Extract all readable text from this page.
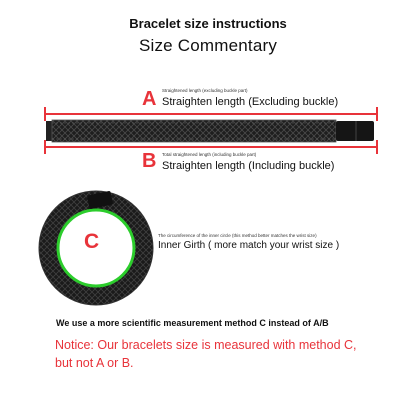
Bracelet size instructions
Size Commentary
A Straightened length (excluding buckle part)
Straighten length (Excluding buckle)
B Total straightened length (including buckle part)
Straighten length (Including buckle)
C	The circumference of the inner circle (this method better matches the wrist size)
Inner Girth ( more match your wrist size )
We use a more scientific measurement method C instead of A/B
Notice: Our bracelets size is measured with method C,
but not A or B.
